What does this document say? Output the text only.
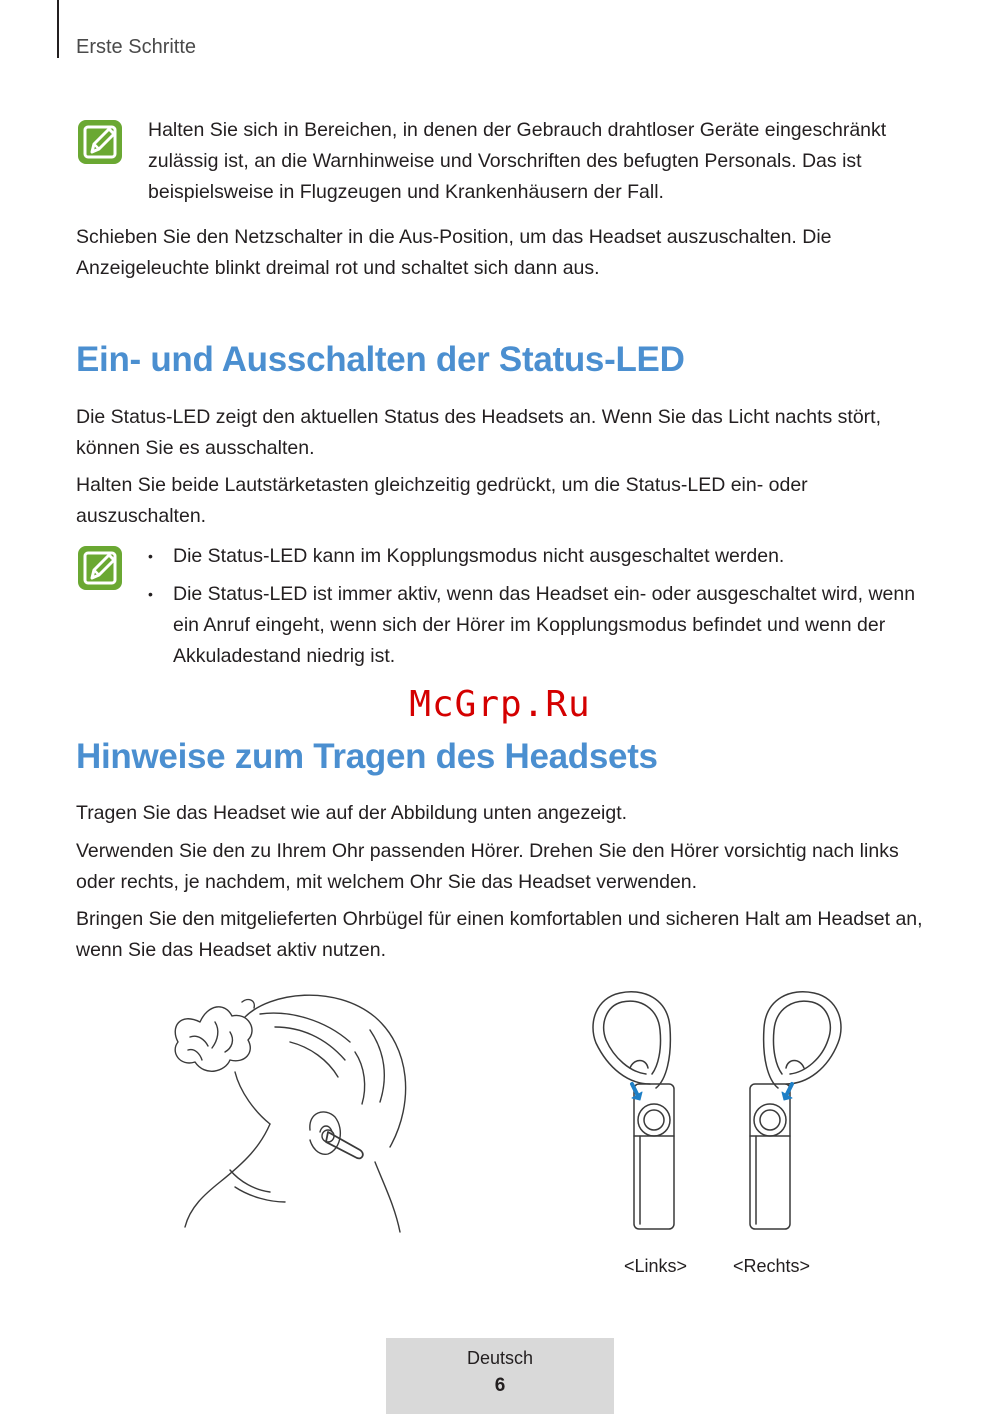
Erste Schritte
Halten Sie sich in Bereichen, in denen der Gebrauch drahtloser Geräte eingeschränkt zulässig ist, an die Warnhinweise und Vorschriften des befugten Personals. Das ist beispielsweise in Flugzeugen und Krankenhäusern der Fall.
Schieben Sie den Netzschalter in die Aus-Position, um das Headset auszuschalten. Die Anzeigeleuchte blinkt dreimal rot und schaltet sich dann aus.
Ein- und Ausschalten der Status-LED
Die Status-LED zeigt den aktuellen Status des Headsets an. Wenn Sie das Licht nachts stört, können Sie es ausschalten.
Halten Sie beide Lautstärketasten gleichzeitig gedrückt, um die Status-LED ein- oder auszuschalten.
• Die Status-LED kann im Kopplungsmodus nicht ausgeschaltet werden.
• Die Status-LED ist immer aktiv, wenn das Headset ein- oder ausgeschaltet wird, wenn ein Anruf eingeht, wenn sich der Hörer im Kopplungsmodus befindet und wenn der Akkuladestand niedrig ist.
McGrp.Ru
Hinweise zum Tragen des Headsets
Tragen Sie das Headset wie auf der Abbildung unten angezeigt.
Verwenden Sie den zu Ihrem Ohr passenden Hörer. Drehen Sie den Hörer vorsichtig nach links oder rechts, je nachdem, mit welchem Ohr Sie das Headset verwenden.
Bringen Sie den mitgelieferten Ohrbügel für einen komfortablen und sicheren Halt am Headset an, wenn Sie das Headset aktiv nutzen.
<Links>	<Rechts>
Deutsch
6
